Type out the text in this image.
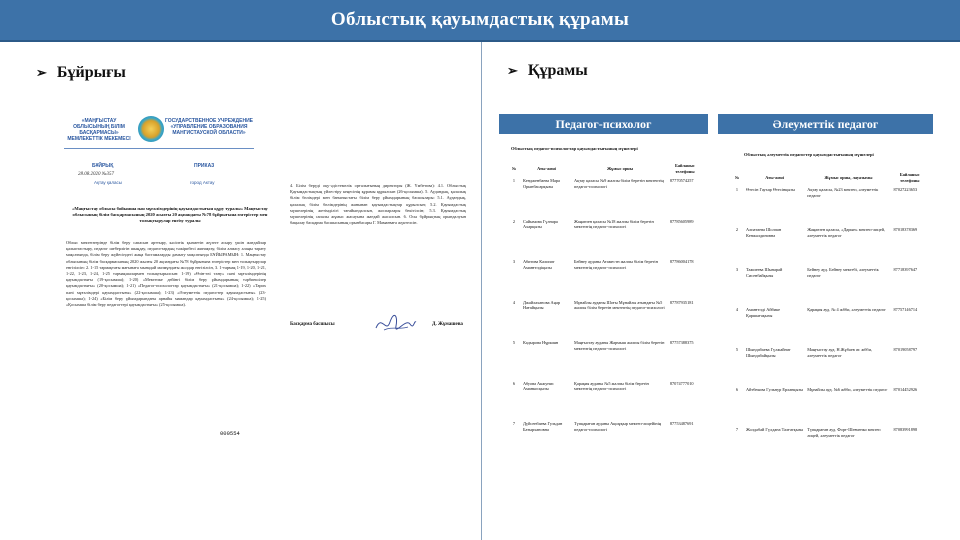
Облыстық қауымдастық құрамы
➢ Бұйрығы
«МАҢҒЫСТАУ ОБЛЫСЫНЫҢ БІЛІМ БАСҚАРМАСЫ» МЕМЛЕКЕТТІК МЕКЕМЕСІ
ГОСУДАРСТВЕННОЕ УЧРЕЖДЕНИЕ «УПРАВЛЕНИЕ ОБРАЗОВАНИЯ МАНГИСТАУСКОЙ ОБЛАСТИ»
БҰЙРЫҚ	ПРИКАЗ
28.08.2020 №357
Ақтау қаласы	город Актау
«Маңғыстау облысы бойынша пән мұғалімдерінің қауымдастығын құру туралы» Маңғыстау облысының білім басқармасының 2020 жылғы 20 ақпандағы №78 бұйрығына өзгерістер мен толықтырулар енгізу туралы
Облыс мектептерінде білім беру сапасын арттыру, кәсіптік қызметін жүзеге асыру үшін жағдайлар қалыптастыру, педагог шеберлігін шыңдау, педагогтардың тәжірибесі жинақтау, білім алмасу алаңы тарату мақсатында, білім беру жүйесіндегі жаңа бастамаларды дамыту мақсатында БҰЙЫРАМЫН: 1. Маңғыстау облысының білім басқармасының 2020 жылғы 20 ақпандағы №78 бұйрығына өзгерістер мен толықтырулар енгізілсін: 2. 1-15 тармақтағы мағынаға мынадай мазмұндағы жолдар енгізілсін, 3. 1-тармақ 1-19, 1-20, 1-21, 1-22, 1-23, 1-24, 1-25 тармақшалармен толықтырылсын: 1-19) «Өзін-өзі тану» пәні мұғалімдерінің қауымдастығы (19-қосымша); 1-20) «Мектепке дейінгі білім беру ұйымдарының тәрбиешілер қауымдастығы» (20-қосымша); 1-21) «Педагог-психологтар қауымдастығы» (21-қосымша); 1-22) «Тарих пәні мұғалімдері қауымдастығы» (22-қосымша); 1-23) «Әлеуметтік педагогтер қауымдастығы» (23-қосымша); 1-24) «Білім беру ұйымдарындағы арнайы мамандар қауымдастығы» (24-қосымша); 1-25) «Қосымша білім беру педагогтері қауымдастығы» (25-қосымша).
4. Білім беруді оқу-әдістемелік орталығының директоры (Ж. Үмбетова): 4.1. Облыстық Қауымдастықтың үйлестіру кеңесінің құрамы құрылсын (26-қосымша). 5. Аудандық, қалалық білім бөлімдері мен бағыныстағы білім беру ұйымдарының басшылары: 5.1. Аудандық, қалалық білім бөлімдерінің жанынан қауымдастықтар құрылсын; 5.2. Қауымдастық мүшелерінің жетімділігі тағайындалсын, жоспарлары бекітілсін; 5.3. Қауымдастық мүшелерінің сапалы жұмыс жасауына жағдай жасалсын. 6. Осы бұйрықтың орындалуын бақылау басқарма басшысының орынбасары Г. Мамаеваға жүктелсін.
Басқарма басшысы	Д. Жұмашева
000554
➢ Құрамы
Педагог-психолог
Облыстық педагог-психологтар қауымдастығының мүшелері
№	Аты-жөні	Жұмыс орны	Байланыс телефоны
1	Кендженбаева Мара Орынбасарқызы	Ақтау қаласы №9 жалпы білім беретін мектептің педагог-психологі	87770574257
2	Сайымова Гүлнара Ахарқызы	Жаңаөзен қаласы №18 жалпы білім беретін мектептің педагог-психологі	87785605989
3	Абитова Калипат Аманғелдіқызы	Бейнеу ауданы Атаместн жалпы білім беретін мектептің педагог-психологі	87786004178
4	Джайлаханова Аңар Нағайқызы	Мұнайлы ауданы Шоғы Мұнайлы атындағы №5 жалпы білім беретін мектептің педагог-психологі	87787935181
5	Кадырова Нұркиян	Маңғыстау ауданы Жармыш жалпы білім беретін мектептің педагог-психологі	87757388375
6	Абуова Акжунис Аманкосқызы	Қарақия ауданы №5 жалпы білім беретін мектептің педагог-психологі	87074777010
7	Дүйсенбаева Гульдан Батырхановна	Түпқараған ауданы Ақшұқыр мектеп-лицейінің педагог-психологі	87753487691
Әлеуметтік педагог
Облыстық әлеуметтік педагогтер қауымдастығының мүшелері
№	Аты-жөні	Жұмыс орны, лауазымы	Байланыс телефоны
1	Өтесін Гаухар Өтесінқызы	Ақтау қаласы, №23 мектеп, әлеуметтік педагог	87027223653
2	Алпатаева Шолпан Кенжалдиновна	Жаңаөзен қаласы, «Дарын» мектеп-лицей, әлеуметтік педагог	87018378369
3	Тажиеева Шынарай Сисенбайқызы	Бейнеу ауд. Бейнеу мектебі, әлеуметтік педагог	87718397647
4	Аманғелді Айбике Қаршығақызы	Қарақия ауд. № 4 жбби, әлеуметтік педагог	87757146714
5	Шындабаева Гүлжайнат Шындабайқызы	Маңғыстау ауд. Н.Жұбаев ат. жбби, әлеуметтік педагог	87019058797
6	Айтбекова Гульнур Ерланқызы	Мұнайлы ауд. №6 жбби, әлеуметтік педагог	87014452926
7	Жолдабай Гүлдана Талғатқызы	Түпқараған ауд. Форт-Шевченко мектеп лицей, әлеуметтік педагог	87083991898
